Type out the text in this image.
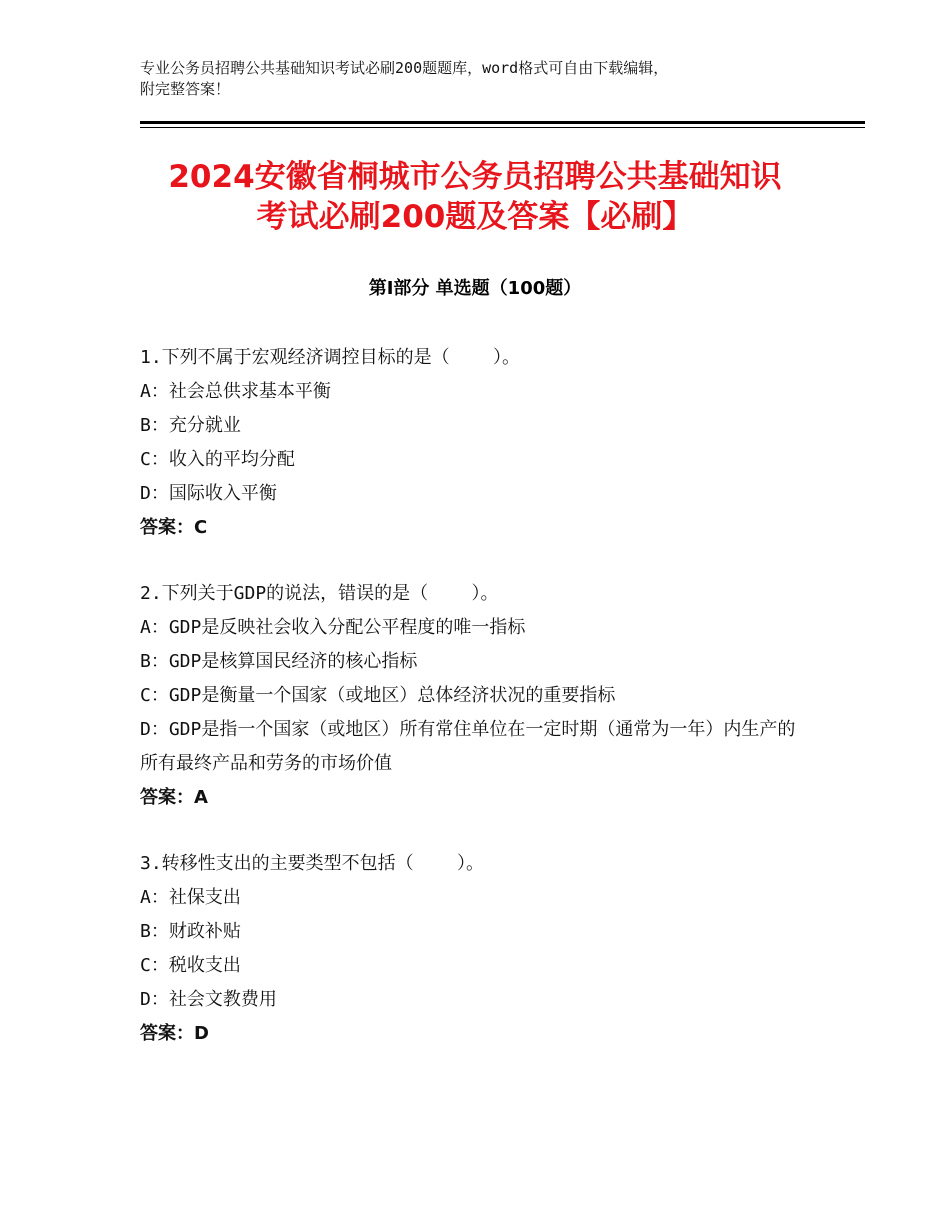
专业公务员招聘公共基础知识考试必刷200题题库，word格式可自由下载编辑，
附完整答案！
2024安徽省桐城市公务员招聘公共基础知识
考试必刷200题及答案【必刷】
第Ⅰ部分 单选题（100题）
1.下列不属于宏观经济调控目标的是（    ）。
A：社会总供求基本平衡
B：充分就业
C：收入的平均分配
D：国际收入平衡
答案：C
2.下列关于GDP的说法，错误的是（    ）。
A：GDP是反映社会收入分配公平程度的唯一指标
B：GDP是核算国民经济的核心指标
C：GDP是衡量一个国家（或地区）总体经济状况的重要指标
D：GDP是指一个国家（或地区）所有常住单位在一定时期（通常为一年）内生产的所有最终产品和劳务的市场价值
答案：A
3.转移性支出的主要类型不包括（    ）。
A：社保支出
B：财政补贴
C：税收支出
D：社会文教费用
答案：D
